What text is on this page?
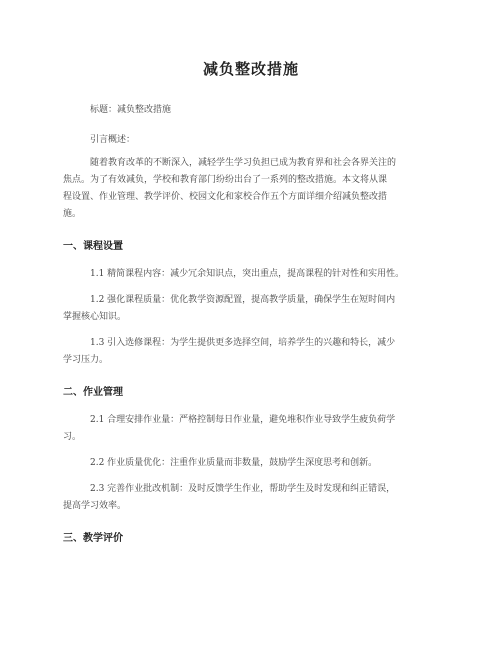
减负整改措施
标题：减负整改措施
引言概述：
随着教育改革的不断深入，减轻学生学习负担已成为教育界和社会各界关注的
焦点。为了有效减负，学校和教育部门纷纷出台了一系列的整改措施。本文将从课
程设置、作业管理、教学评价、校园文化和家校合作五个方面详细介绍减负整改措
施。
一、课程设置
1.1 精简课程内容：减少冗余知识点，突出重点，提高课程的针对性和实用性。
1.2 强化课程质量：优化教学资源配置，提高教学质量，确保学生在短时间内
掌握核心知识。
1.3 引入选修课程：为学生提供更多选择空间，培养学生的兴趣和特长，减少
学习压力。
二、作业管理
2.1 合理安排作业量：严格控制每日作业量，避免堆积作业导致学生疲负荷学
习。
2.2 作业质量优化：注重作业质量而非数量，鼓励学生深度思考和创新。
2.3 完善作业批改机制：及时反馈学生作业，帮助学生及时发现和纠正错误，
提高学习效率。
三、教学评价
